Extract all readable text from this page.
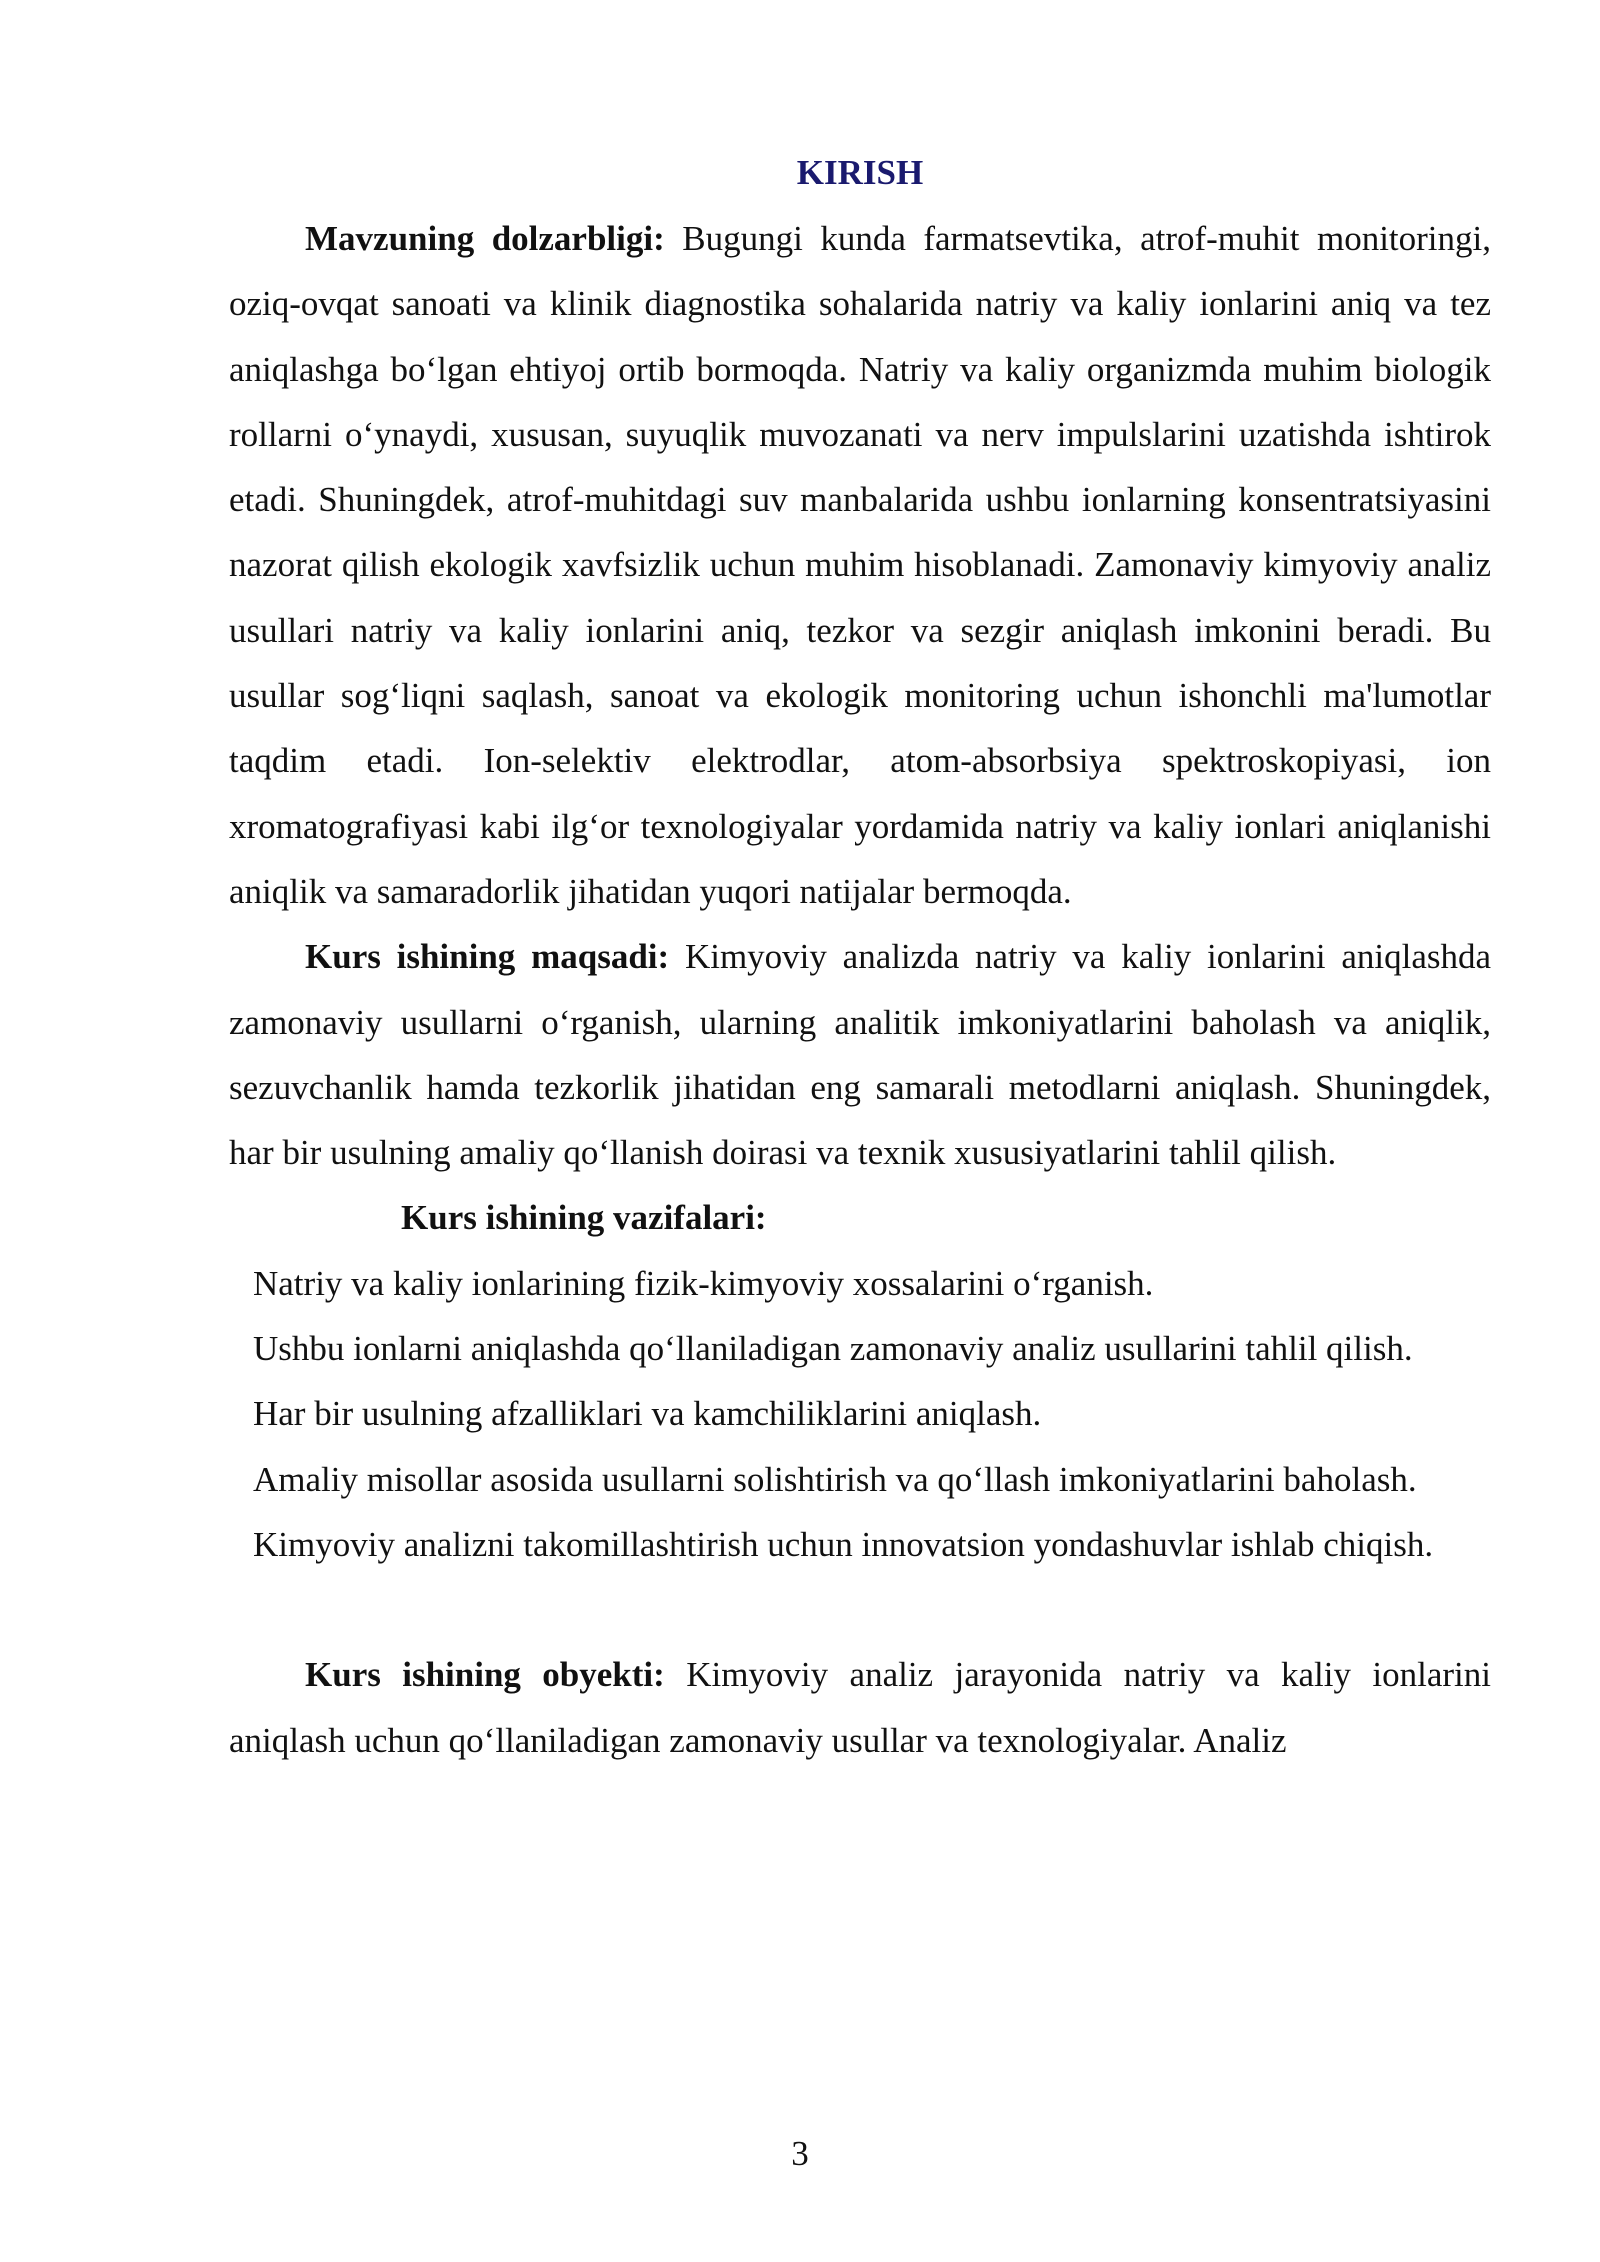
KIRISH

Mavzuning dolzarbligi: Bugungi kunda farmatsevtika, atrof-muhit monitoringi, oziq-ovqat sanoati va klinik diagnostika sohalarida natriy va kaliy ionlarini aniq va tez aniqlashga bo‘lgan ehtiyoj ortib bormoqda. Natriy va kaliy organizmda muhim biologik rollarni o‘ynaydi, xususan, suyuqlik muvozanati va nerv impulslarini uzatishda ishtirok etadi. Shuningdek, atrof-muhitdagi suv manbalarida ushbu ionlarning konsentratsiyasini nazorat qilish ekologik xavfsizlik uchun muhim hisoblanadi. Zamonaviy kimyoviy analiz usullari natriy va kaliy ionlarini aniq, tezkor va sezgir aniqlash imkonini beradi. Bu usullar sog‘liqni saqlash, sanoat va ekologik monitoring uchun ishonchli ma'lumotlar taqdim etadi. Ion-selektiv elektrodlar, atom-absorbsiya spektroskopiyasi, ion xromatografiyasi kabi ilg‘or texnologiyalar yordamida natriy va kaliy ionlari aniqlanishi aniqlik va samaradorlik jihatidan yuqori natijalar bermoqda.

Kurs ishining maqsadi: Kimyoviy analizda natriy va kaliy ionlarini aniqlashda zamonaviy usullarni o‘rganish, ularning analitik imkoniyatlarini baholash va aniqlik, sezuvchanlik hamda tezkorlik jihatidan eng samarali metodlarni aniqlash. Shuningdek, har bir usulning amaliy qo‘llanish doirasi va texnik xususiyatlarini tahlil qilish.

Kurs ishining vazifalari:

Natriy va kaliy ionlarining fizik-kimyoviy xossalarini o‘rganish.
Ushbu ionlarni aniqlashda qo‘llaniladigan zamonaviy analiz usullarini tahlil qilish.
Har bir usulning afzalliklari va kamchiliklarini aniqlash.
Amaliy misollar asosida usullarni solishtirish va qo‘llash imkoniyatlarini baholash.
Kimyoviy analizni takomillashtirish uchun innovatsion yondashuvlar ishlab chiqish.

Kurs ishining obyekti: Kimyoviy analiz jarayonida natriy va kaliy ionlarini aniqlash uchun qo‘llaniladigan zamonaviy usullar va texnologiyalar. Analiz

3
